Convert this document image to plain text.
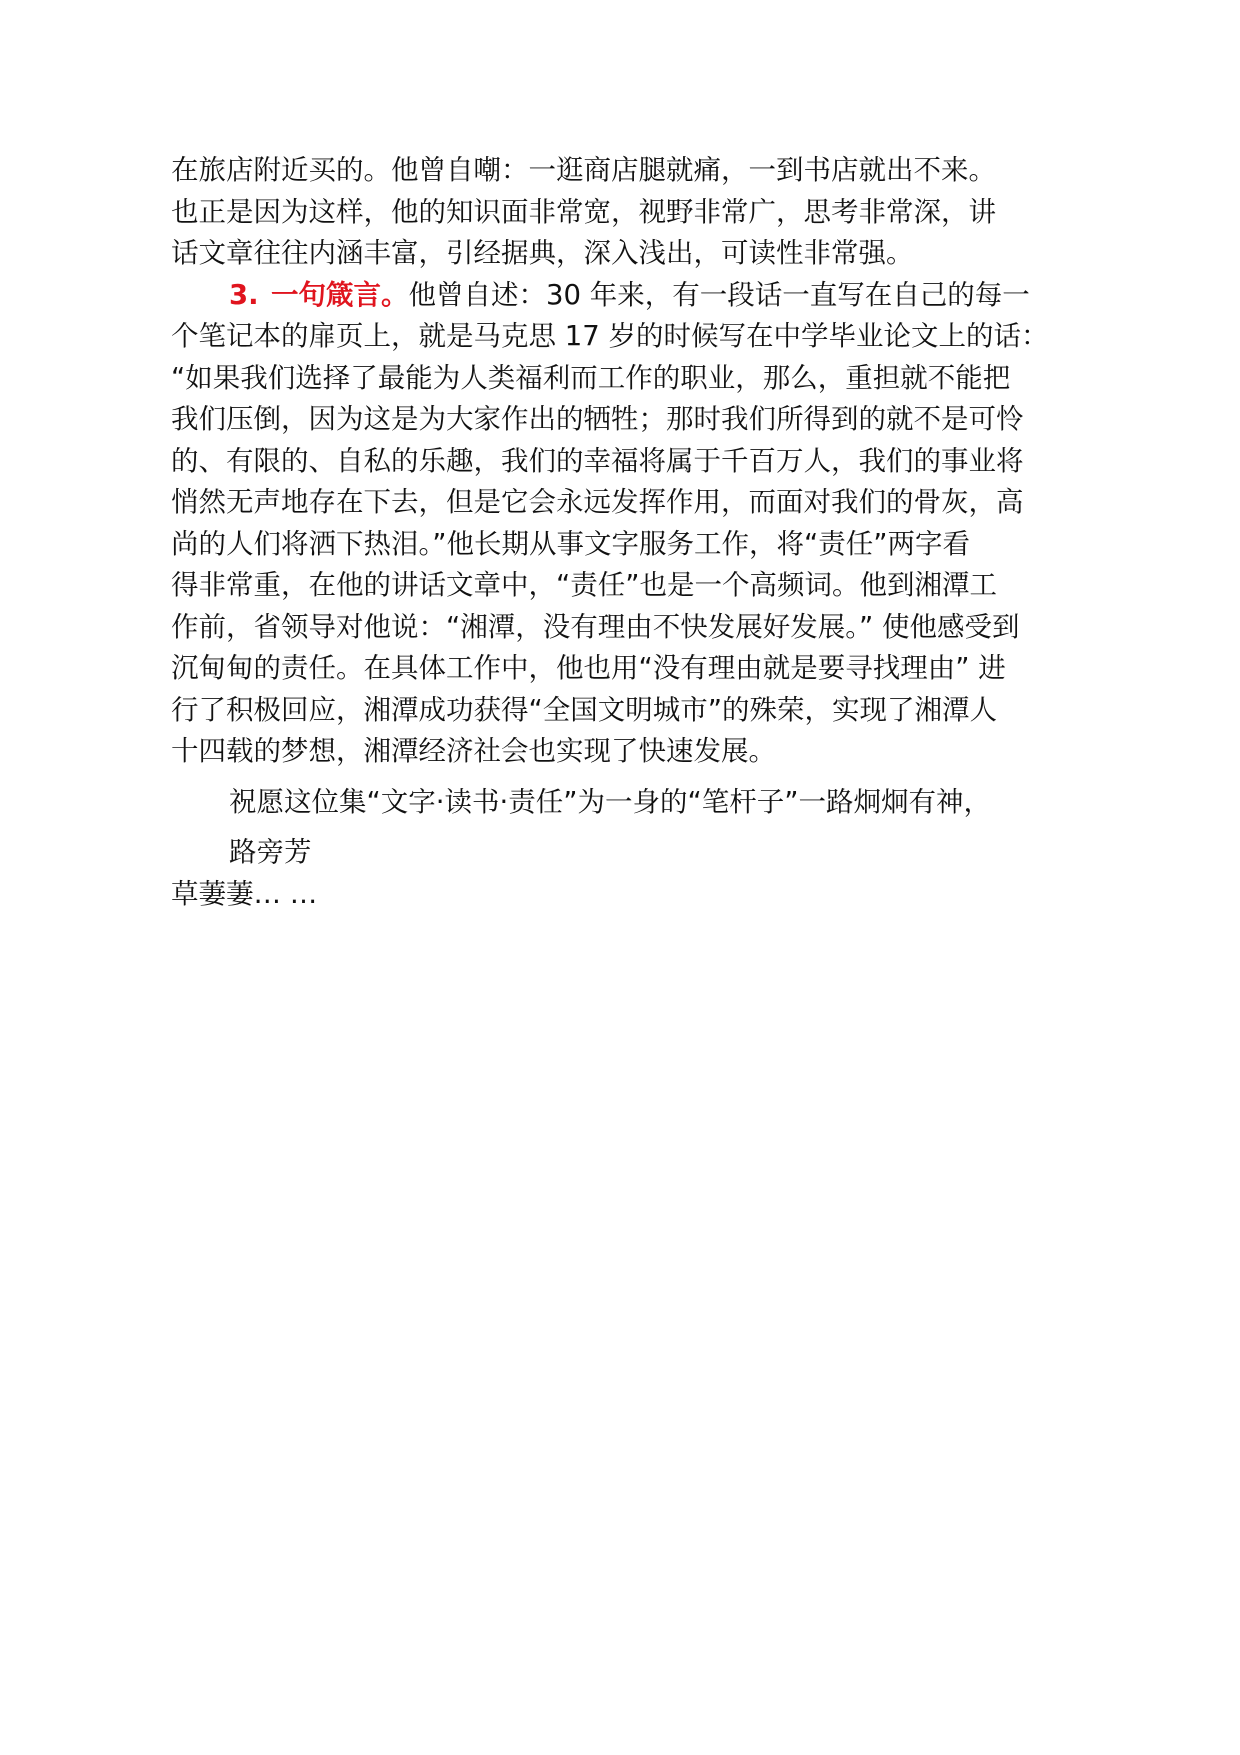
在旅店附近买的。他曾自嘲：一逛商店腿就痛，一到书店就出不来。
也正是因为这样，他的知识面非常宽，视野非常广，思考非常深，讲
话文章往往内涵丰富，引经据典，深入浅出，可读性非常强。
3. 一句箴言。他曾自述：30 年来，有一段话一直写在自己的每一
个笔记本的扉页上，就是马克思 17 岁的时候写在中学毕业论文上的话：
“如果我们选择了最能为人类福利而工作的职业，那么，重担就不能把
我们压倒，因为这是为大家作出的牺牲；那时我们所得到的就不是可怜
的、有限的、自私的乐趣，我们的幸福将属于千百万人，我们的事业将
悄然无声地存在下去，但是它会永远发挥作用，而面对我们的骨灰，高
尚的人们将洒下热泪。”他长期从事文字服务工作，将“责任”两字看
得非常重，在他的讲话文章中，“责任”也是一个高频词。他到湘潭工
作前，省领导对他说：“湘潭，没有理由不快发展好发展。” 使他感受到
沉甸甸的责任。在具体工作中，他也用“没有理由就是要寻找理由” 进
行了积极回应，湘潭成功获得“全国文明城市”的殊荣，实现了湘潭人
十四载的梦想，湘潭经济社会也实现了快速发展。
祝愿这位集“文字·读书·责任”为一身的“笔杆子”一路炯炯有神，
路旁芳
草萋萋… …
